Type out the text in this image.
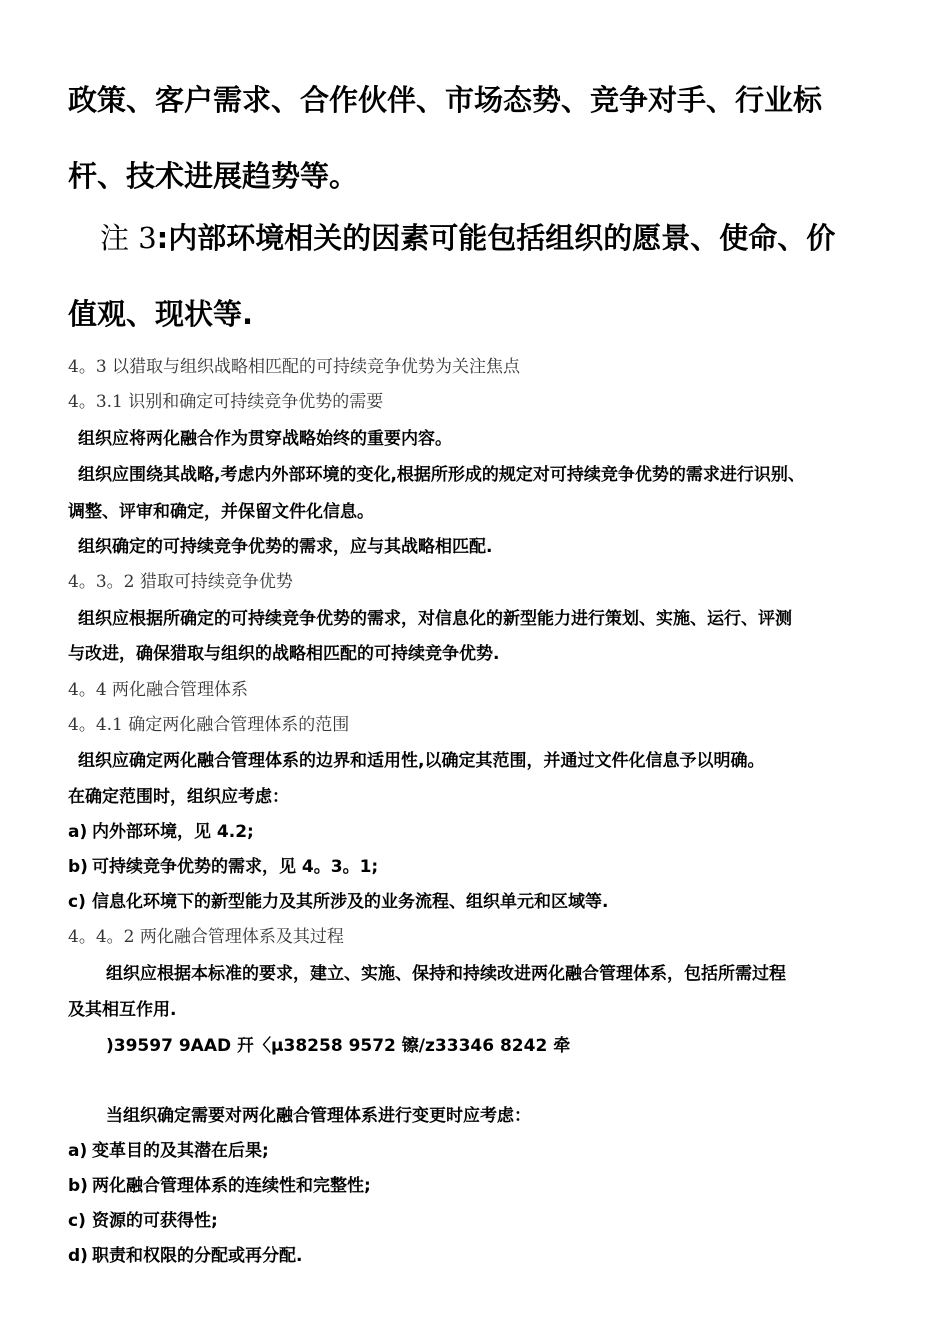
政策、客户需求、合作伙伴、市场态势、竞争对手、行业标
杆、技术进展趋势等。
注 3:内部环境相关的因素可能包括组织的愿景、使命、价
值观、现状等.
4。3 以猎取与组织战略相匹配的可持续竞争优势为关注焦点
4。3.1 识别和确定可持续竞争优势的需要
组织应将两化融合作为贯穿战略始终的重要内容。
组织应围绕其战略,考虑内外部环境的变化,根据所形成的规定对可持续竞争优势的需求进行识别、
调整、评审和确定，并保留文件化信息。
组织确定的可持续竞争优势的需求，应与其战略相匹配.
4。3。2 猎取可持续竞争优势
组织应根据所确定的可持续竞争优势的需求，对信息化的新型能力进行策划、实施、运行、评测
与改进，确保猎取与组织的战略相匹配的可持续竞争优势.
4。4 两化融合管理体系
4。4.1 确定两化融合管理体系的范围
组织应确定两化融合管理体系的边界和适用性,以确定其范围，并通过文件化信息予以明确。
在确定范围时，组织应考虑：
a) 内外部环境，见 4.2;
b) 可持续竞争优势的需求，见 4。3。1;
c) 信息化环境下的新型能力及其所涉及的业务流程、组织单元和区域等.
4。4。2 两化融合管理体系及其过程
组织应根据本标准的要求，建立、实施、保持和持续改进两化融合管理体系，包括所需过程
及其相互作用.
)39597 9AAD 幵〈μ38258 9572 镲/z33346 8242 牵
当组织确定需要对两化融合管理体系进行变更时应考虑：
a) 变革目的及其潜在后果;
b) 两化融合管理体系的连续性和完整性;
c) 资源的可获得性;
d) 职责和权限的分配或再分配.
